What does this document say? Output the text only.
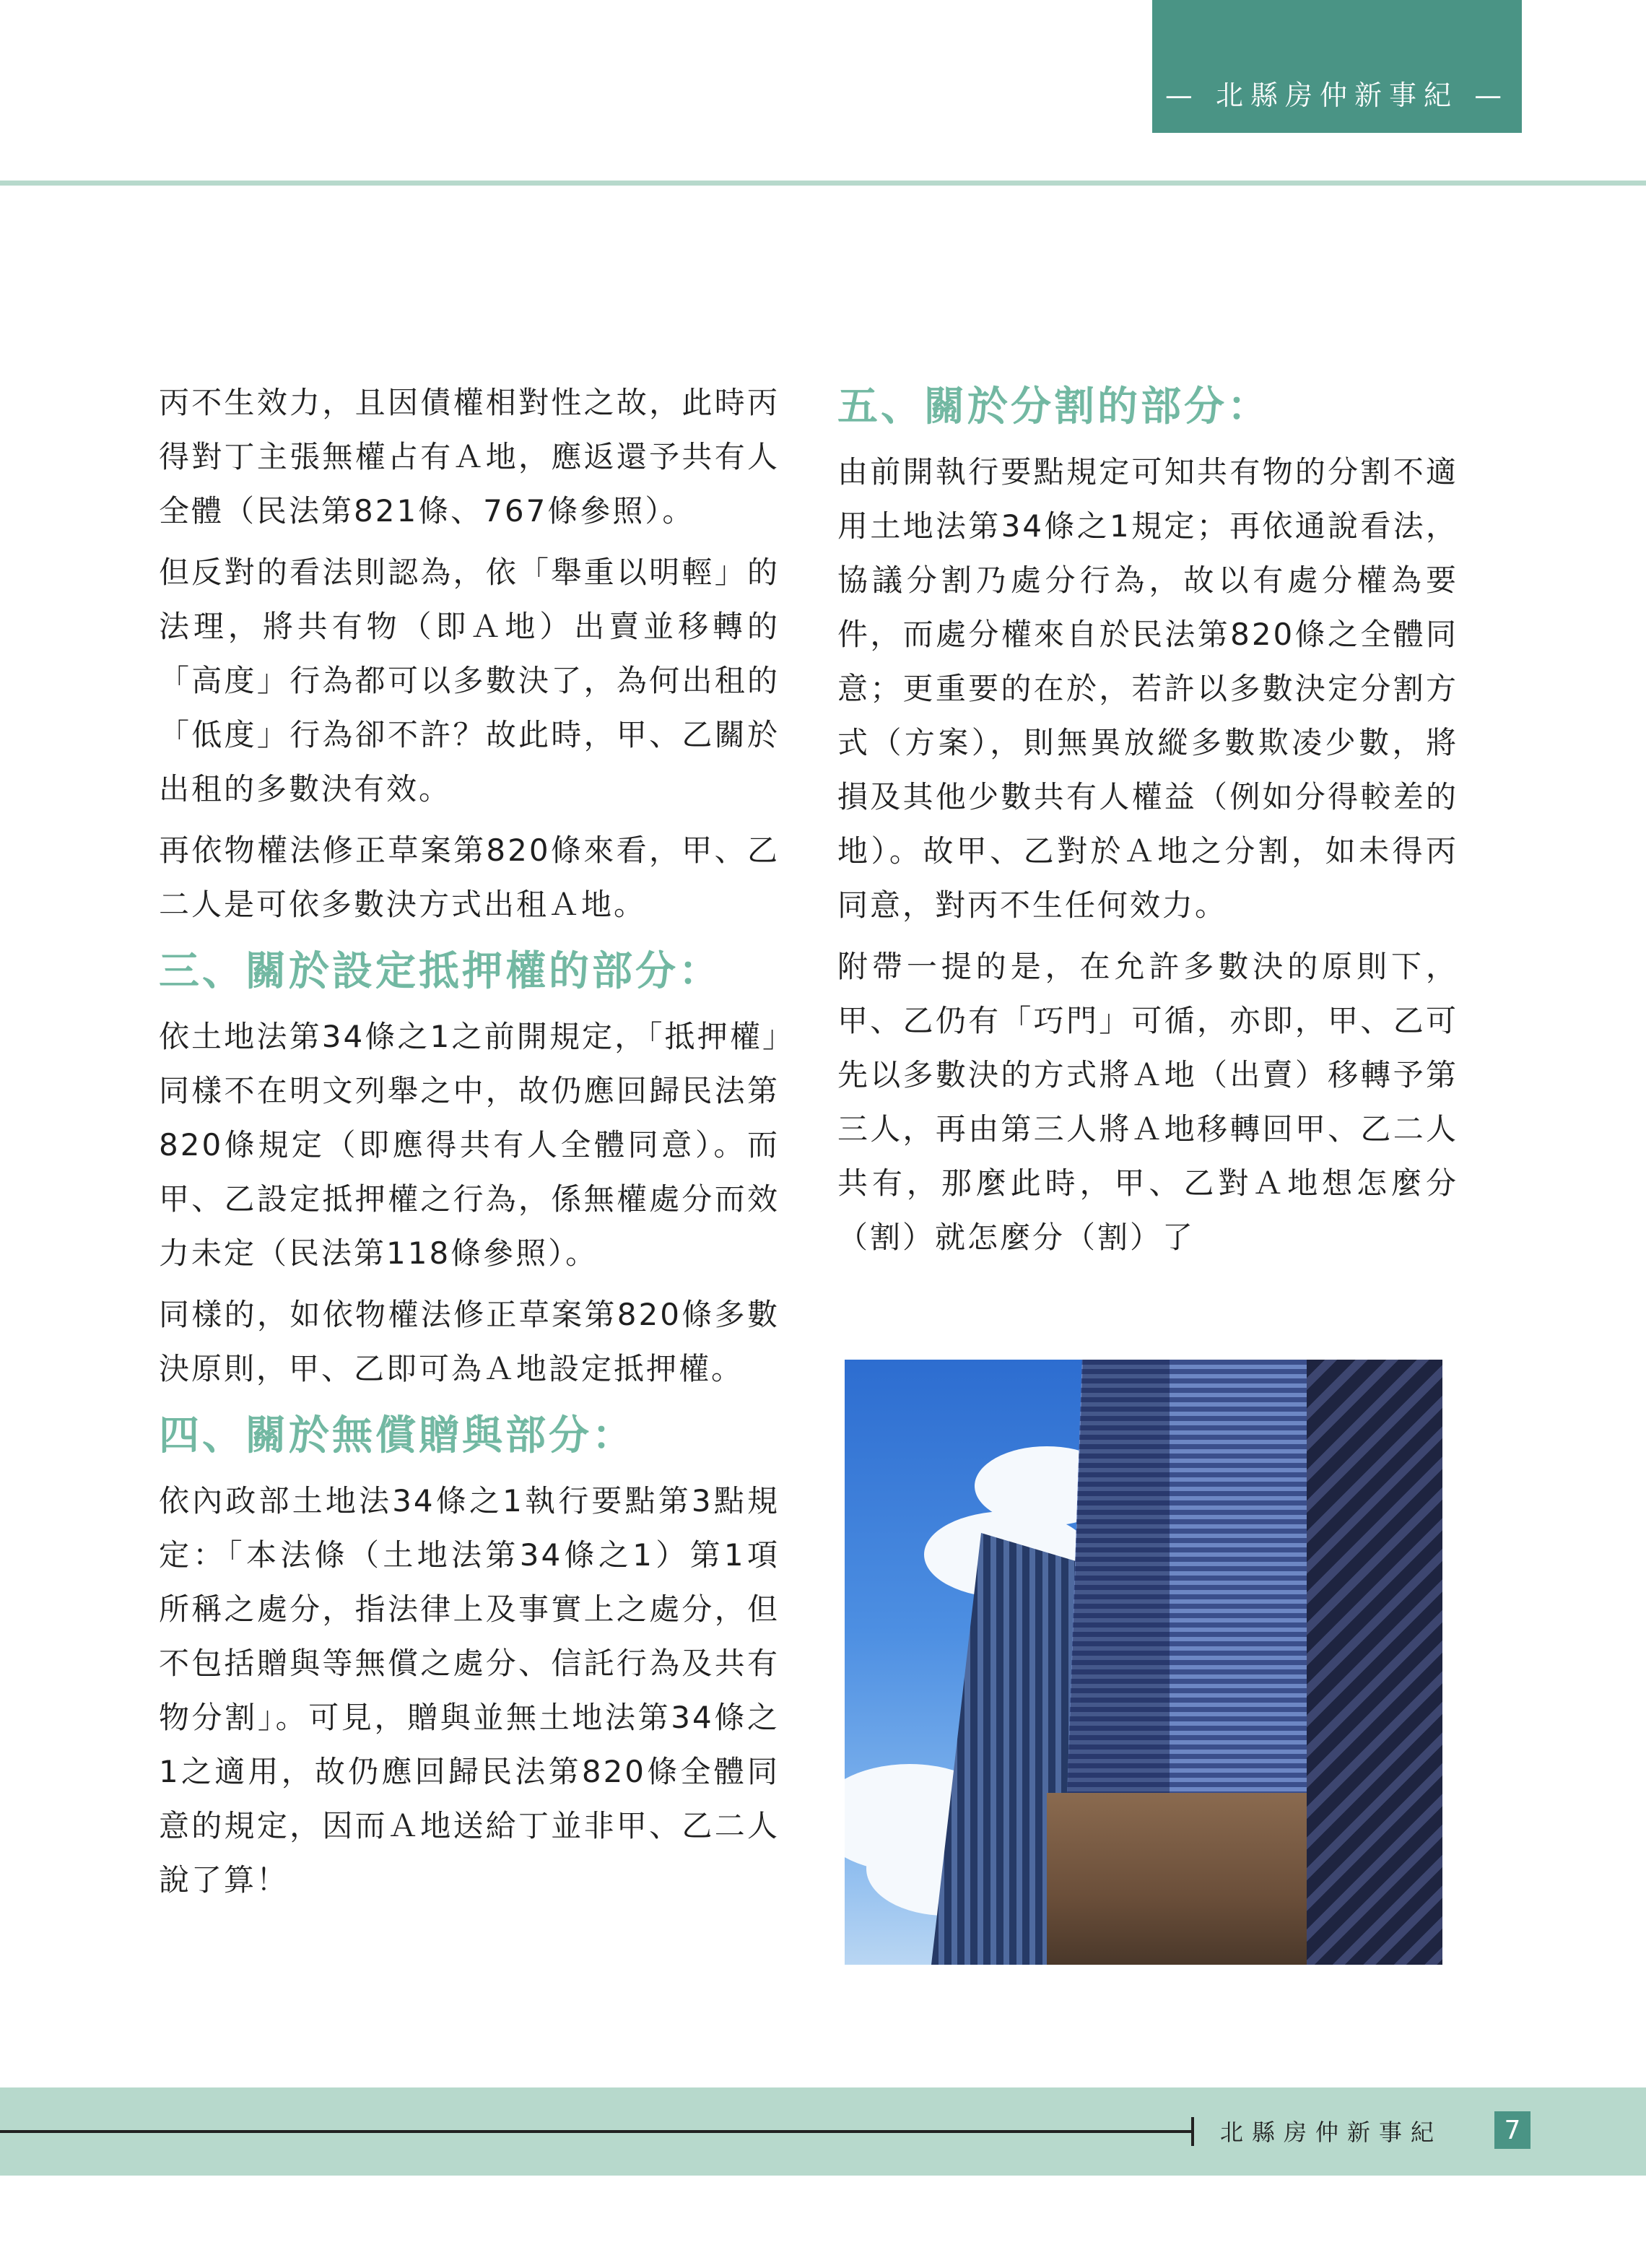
— 北縣房仲新事紀 —

丙不生效力，且因債權相對性之故，此時丙得對丁主張無權占有Ａ地，應返還予共有人全體（民法第821條、767條參照）。

但反對的看法則認為，依「舉重以明輕」的法理，將共有物（即Ａ地）出賣並移轉的「高度」行為都可以多數決了，為何出租的「低度」行為卻不許？故此時，甲、乙關於出租的多數決有效。

再依物權法修正草案第820條來看，甲、乙二人是可依多數決方式出租Ａ地。

三、關於設定抵押權的部分：

依土地法第34條之1之前開規定，「抵押權」同樣不在明文列舉之中，故仍應回歸民法第820條規定（即應得共有人全體同意）。而甲、乙設定抵押權之行為，係無權處分而效力未定（民法第118條參照）。

同樣的，如依物權法修正草案第820條多數決原則，甲、乙即可為Ａ地設定抵押權。

四、關於無償贈與部分：

依內政部土地法34條之1執行要點第3點規定：「本法條（土地法第34條之1）第1項所稱之處分，指法律上及事實上之處分，但不包括贈與等無償之處分、信託行為及共有物分割」。可見，贈與並無土地法第34條之1之適用，故仍應回歸民法第820條全體同意的規定，因而Ａ地送給丁並非甲、乙二人說了算！

五、關於分割的部分：

由前開執行要點規定可知共有物的分割不適用土地法第34條之1規定；再依通說看法，協議分割乃處分行為，故以有處分權為要件，而處分權來自於民法第820條之全體同意；更重要的在於，若許以多數決定分割方式（方案），則無異放縱多數欺凌少數，將損及其他少數共有人權益（例如分得較差的地）。故甲、乙對於Ａ地之分割，如未得丙同意，對丙不生任何效力。

附帶一提的是，在允許多數決的原則下，甲、乙仍有「巧門」可循，亦即，甲、乙可先以多數決的方式將Ａ地（出賣）移轉予第三人，再由第三人將Ａ地移轉回甲、乙二人共有，那麼此時，甲、乙對Ａ地想怎麼分（割）就怎麼分（割）了

北縣房仲新事紀	7
